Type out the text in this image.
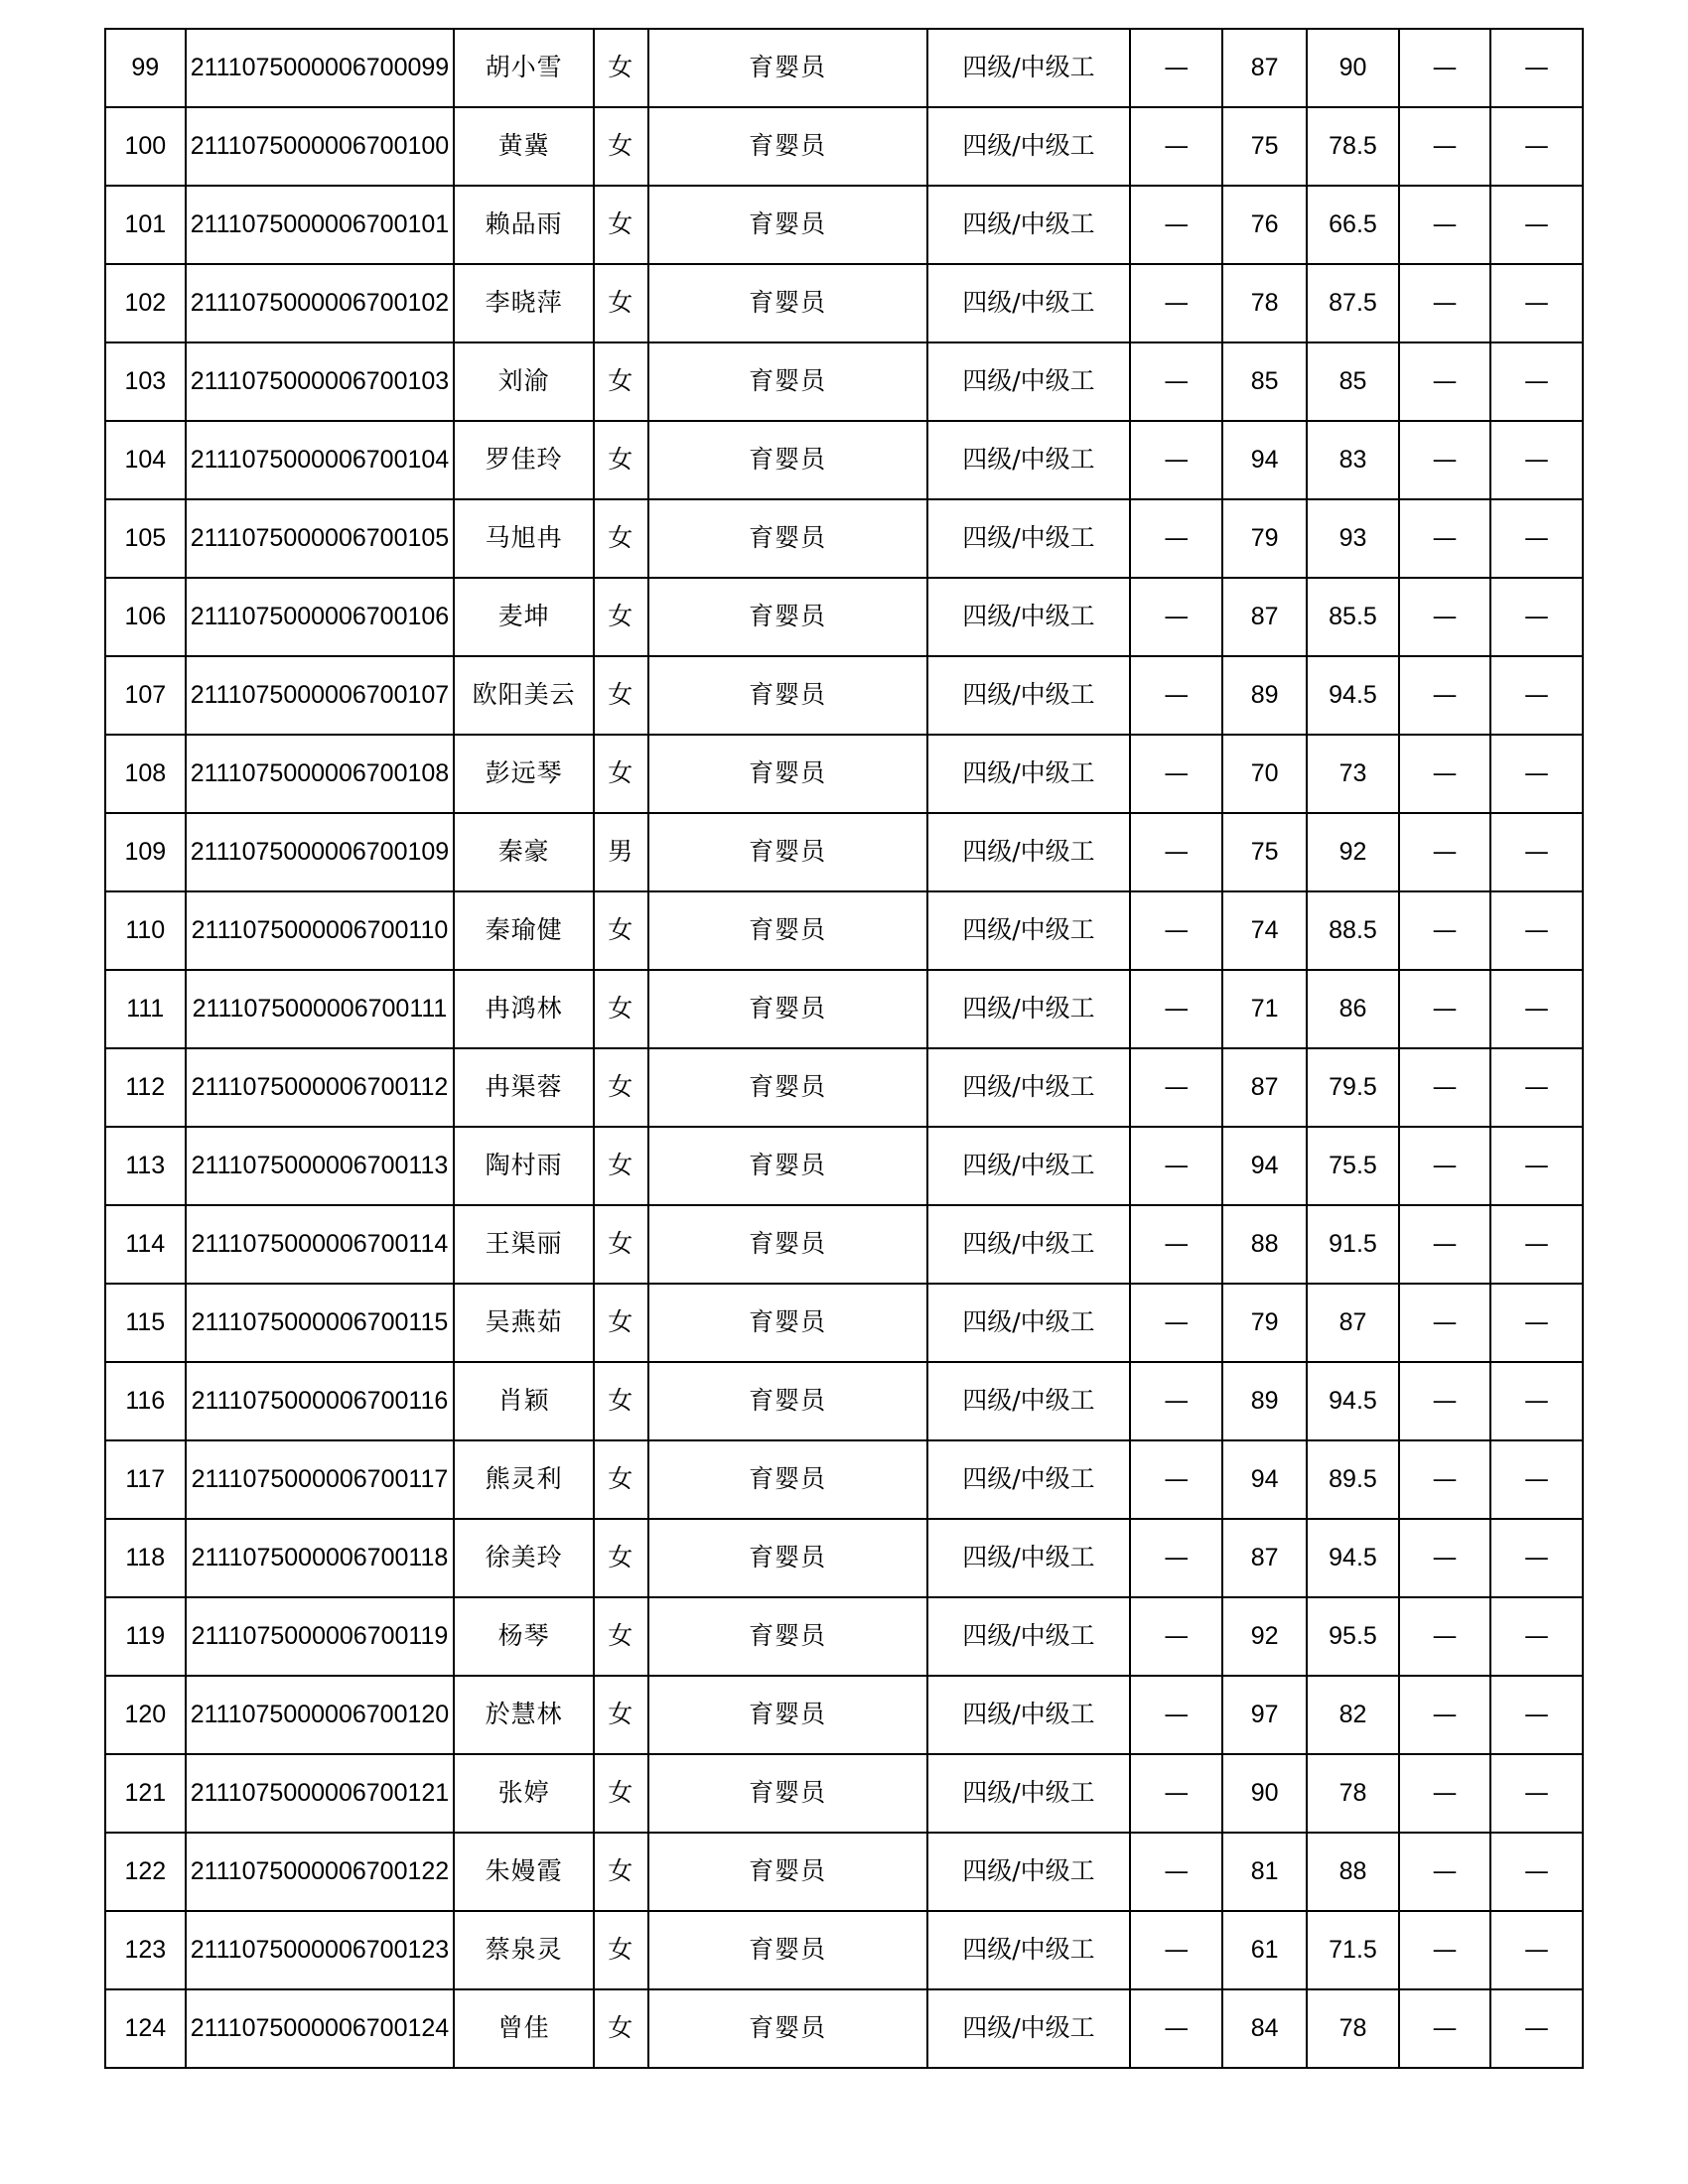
99	2111075000006700099	胡小雪	女	育婴员	四级/中级工	—	87	90	—	—
100	2111075000006700100	黄冀	女	育婴员	四级/中级工	—	75	78.5	—	—
101	2111075000006700101	赖品雨	女	育婴员	四级/中级工	—	76	66.5	—	—
102	2111075000006700102	李晓萍	女	育婴员	四级/中级工	—	78	87.5	—	—
103	2111075000006700103	刘渝	女	育婴员	四级/中级工	—	85	85	—	—
104	2111075000006700104	罗佳玲	女	育婴员	四级/中级工	—	94	83	—	—
105	2111075000006700105	马旭冉	女	育婴员	四级/中级工	—	79	93	—	—
106	2111075000006700106	麦坤	女	育婴员	四级/中级工	—	87	85.5	—	—
107	2111075000006700107	欧阳美云	女	育婴员	四级/中级工	—	89	94.5	—	—
108	2111075000006700108	彭远琴	女	育婴员	四级/中级工	—	70	73	—	—
109	2111075000006700109	秦豪	男	育婴员	四级/中级工	—	75	92	—	—
110	2111075000006700110	秦瑜健	女	育婴员	四级/中级工	—	74	88.5	—	—
111	2111075000006700111	冉鸿林	女	育婴员	四级/中级工	—	71	86	—	—
112	2111075000006700112	冉渠蓉	女	育婴员	四级/中级工	—	87	79.5	—	—
113	2111075000006700113	陶村雨	女	育婴员	四级/中级工	—	94	75.5	—	—
114	2111075000006700114	王渠丽	女	育婴员	四级/中级工	—	88	91.5	—	—
115	2111075000006700115	吴燕茹	女	育婴员	四级/中级工	—	79	87	—	—
116	2111075000006700116	肖颖	女	育婴员	四级/中级工	—	89	94.5	—	—
117	2111075000006700117	熊灵利	女	育婴员	四级/中级工	—	94	89.5	—	—
118	2111075000006700118	徐美玲	女	育婴员	四级/中级工	—	87	94.5	—	—
119	2111075000006700119	杨琴	女	育婴员	四级/中级工	—	92	95.5	—	—
120	2111075000006700120	於慧林	女	育婴员	四级/中级工	—	97	82	—	—
121	2111075000006700121	张婷	女	育婴员	四级/中级工	—	90	78	—	—
122	2111075000006700122	朱嫚霞	女	育婴员	四级/中级工	—	81	88	—	—
123	2111075000006700123	蔡泉灵	女	育婴员	四级/中级工	—	61	71.5	—	—
124	2111075000006700124	曾佳	女	育婴员	四级/中级工	—	84	78	—	—
